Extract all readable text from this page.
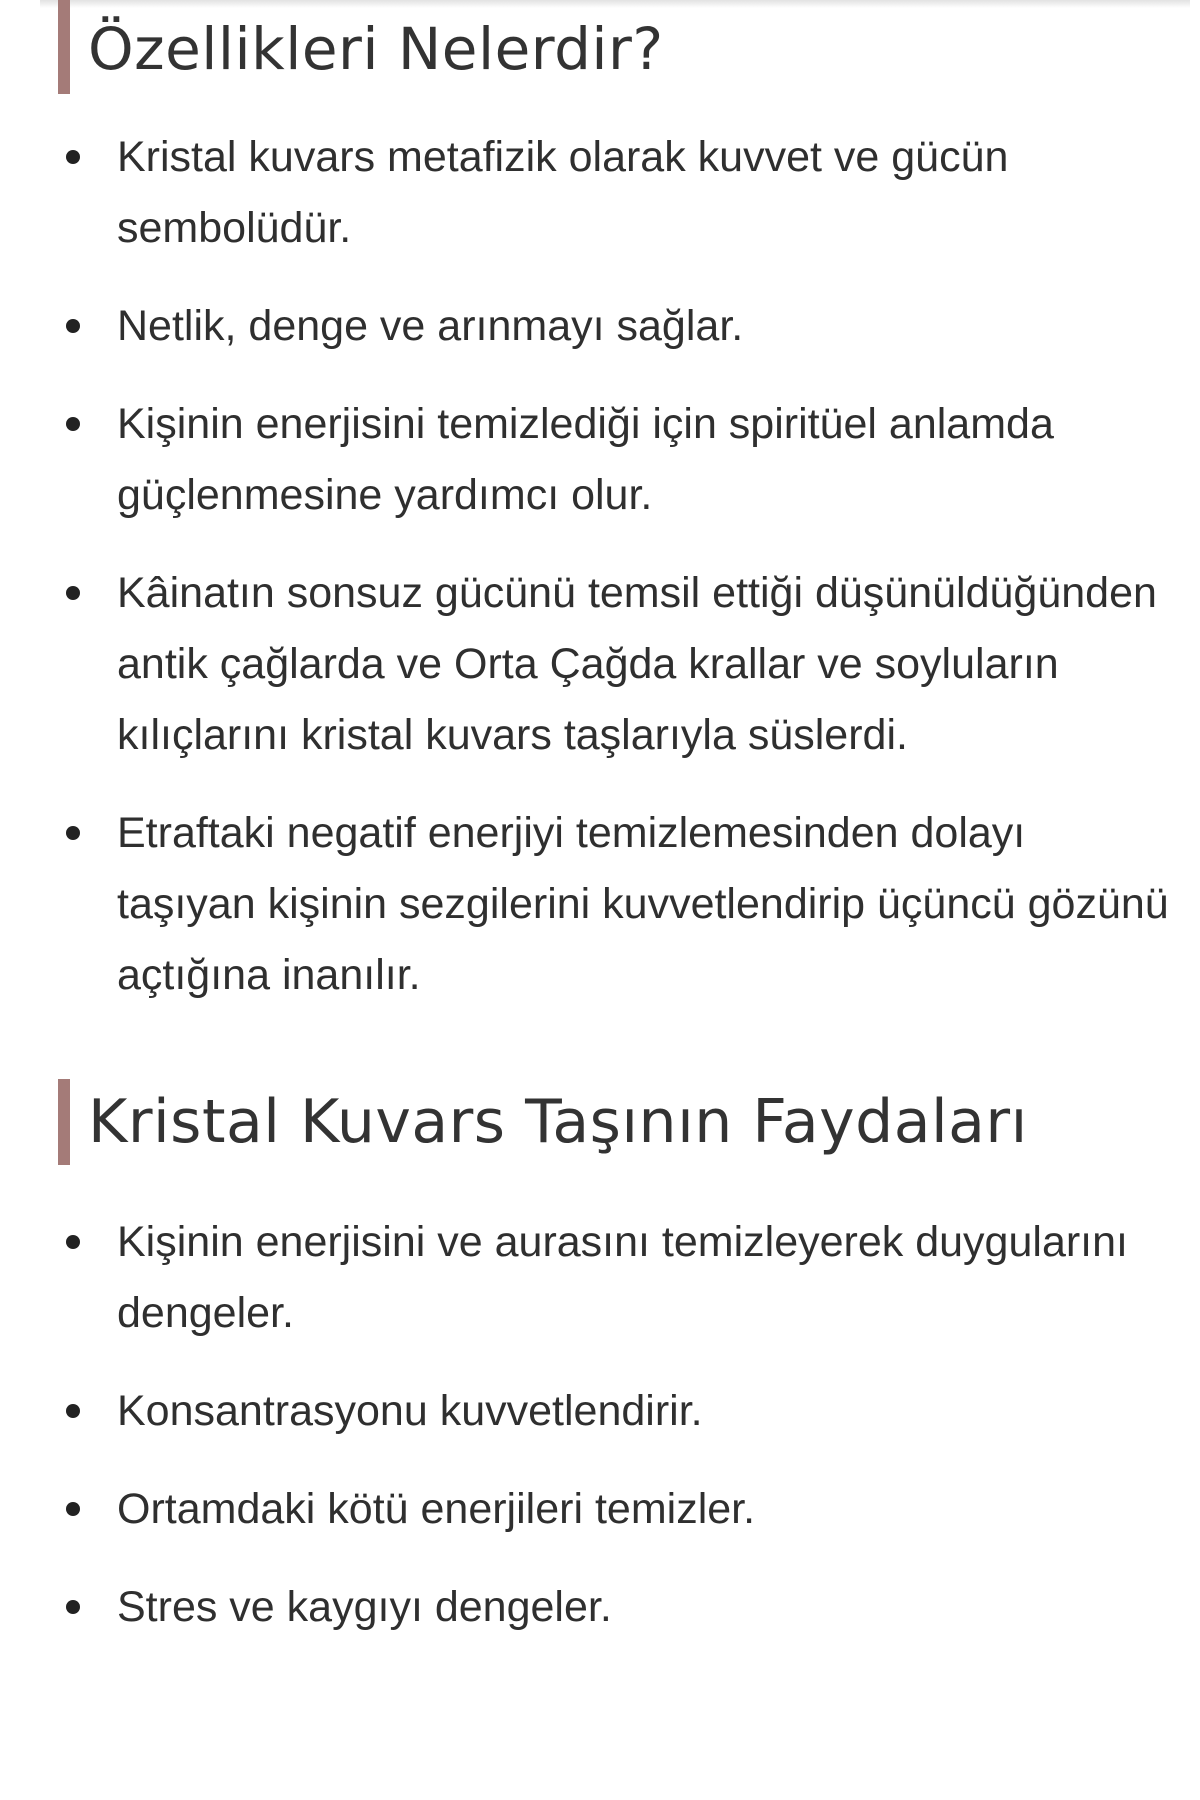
Özellikleri Nelerdir?
Kristal kuvars metafizik olarak kuvvet ve gücün sembolüdür.
Netlik, denge ve arınmayı sağlar.
Kişinin enerjisini temizlediği için spiritüel anlamda güçlenmesine yardımcı olur.
Kâinatın sonsuz gücünü temsil ettiği düşünüldüğünden antik çağlarda ve Orta Çağda krallar ve soyluların kılıçlarını kristal kuvars taşlarıyla süslerdi.
Etraftaki negatif enerjiyi temizlemesinden dolayı taşıyan kişinin sezgilerini kuvvetlendirip üçüncü gözünü açtığına inanılır.
Kristal Kuvars Taşının Faydaları
Kişinin enerjisini ve aurasını temizleyerek duygularını dengeler.
Konsantrasyonu kuvvetlendirir.
Ortamdaki kötü enerjileri temizler.
Stres ve kaygıyı dengeler.
